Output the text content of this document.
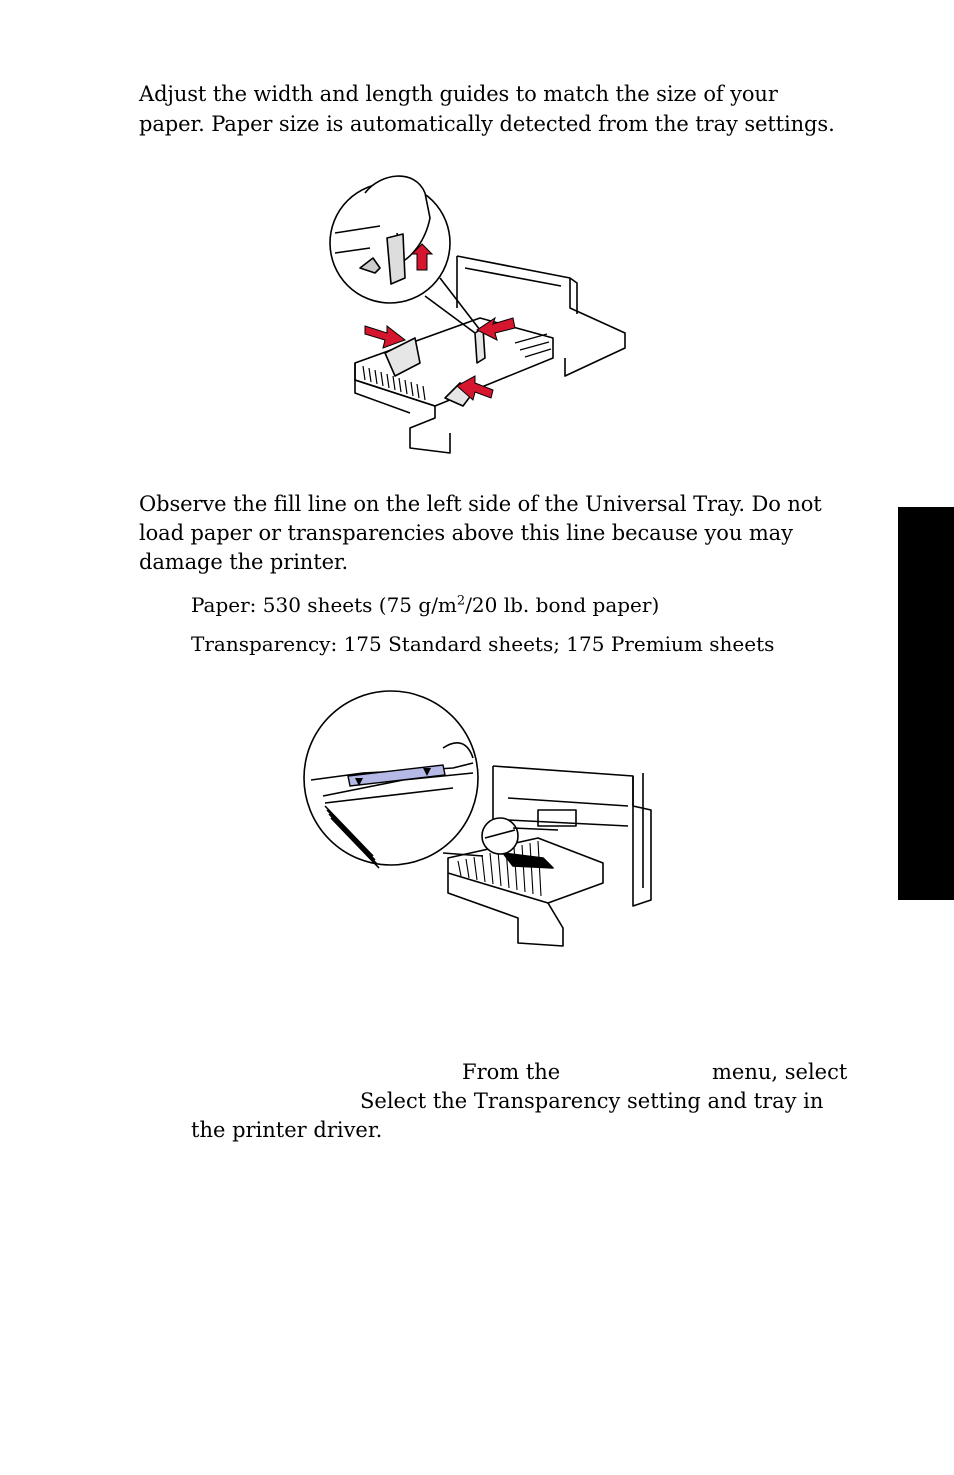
Adjust the width and length guides to match the size of your

paper. Paper size is automatically detected from the tray settings.

Observe the fill line on the left side of the Universal Tray. Do not

load paper or transparencies above this line because you may

damage the printer.

Paper: 530 sheets (75 $g/m^2/20$ lb. bond paper)

Transparency: 175 Standard sheets; 175 Premium sheets

From the	menu, select

Select the Transparency setting and tray in

the printer driver.
